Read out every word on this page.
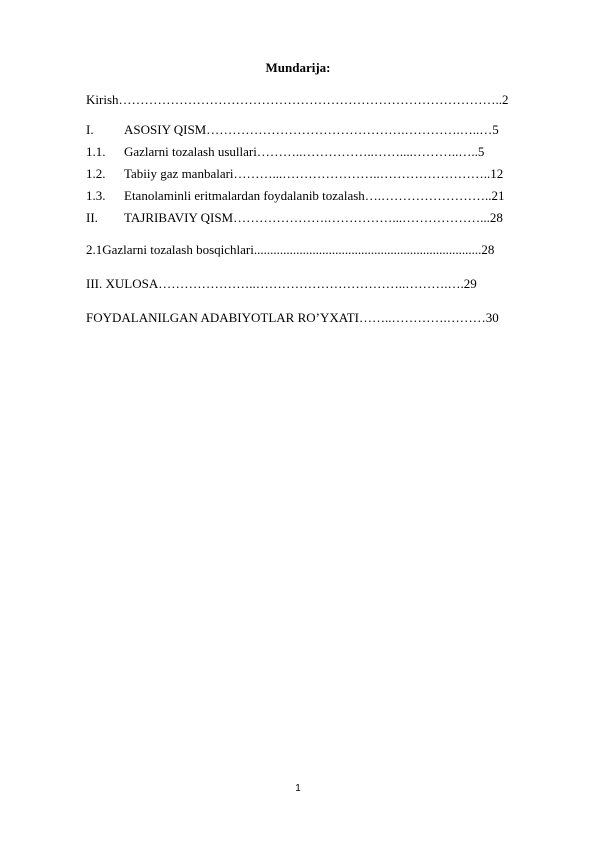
Mundarija:
Kirish……………………………………………………………………………..2
I. ASOSIY QISM……………………………………….………….…..…5
1.1. Gazlarni tozalash usullari………..……………..……....………..…..5
1.2. Tabiiy gaz manbalari………...…………………..……………………..12
1.3. Etanolaminli eritmalardan foydalanib tozalash….……………………..21
II. TAJRIBAVIY QISM………………….……………...………………...28
2.1Gazlarni tozalash bosqichlari......................................................................28
III. XULOSA…………………..……………………………..……….….29
FOYDALANILGAN ADABIYOTLAR RO’YXATI……..………….………30
1
